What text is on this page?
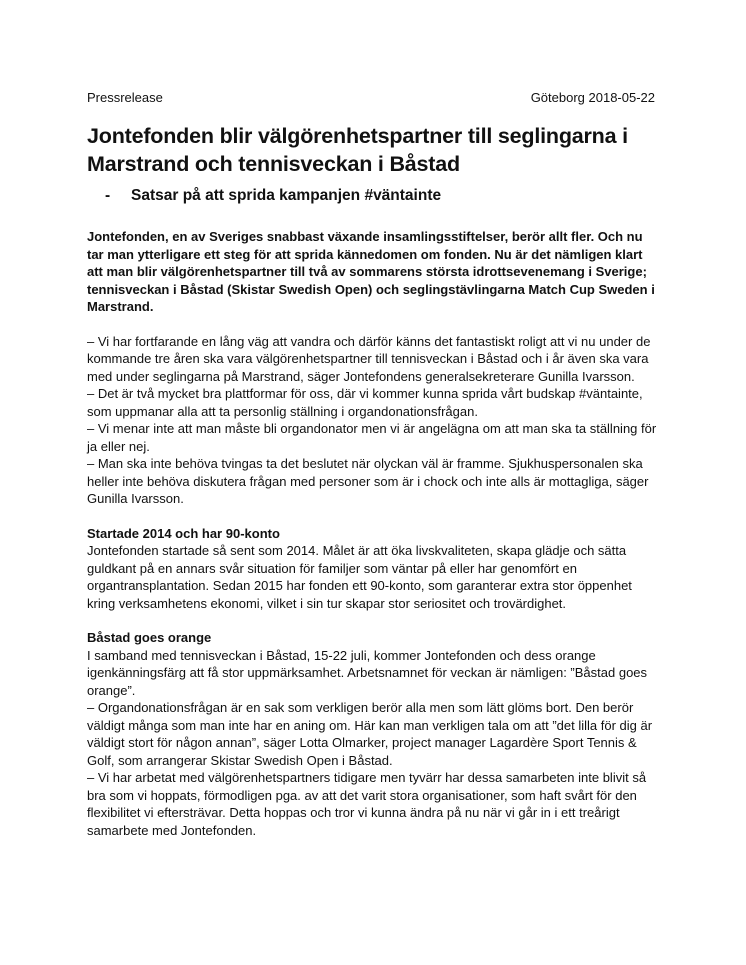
Pressrelease	Göteborg 2018-05-22
Jontefonden blir välgörenhetspartner till seglingarna i Marstrand och tennisveckan i Båstad
- Satsar på att sprida kampanjen #väntainte

Jontefonden, en av Sveriges snabbast växande insamlingsstiftelser, berör allt fler. Och nu tar man ytterligare ett steg för att sprida kännedomen om fonden. Nu är det nämligen klart att man blir välgörenhetspartner till två av sommarens största idrottsevenemang i Sverige; tennisveckan i Båstad (Skistar Swedish Open) och seglingstävlingarna Match Cup Sweden i Marstrand.

– Vi har fortfarande en lång väg att vandra och därför känns det fantastiskt roligt att vi nu under de kommande tre åren ska vara välgörenhetspartner till tennisveckan i Båstad och i år även ska vara med under seglingarna på Marstrand, säger Jontefondens generalsekreterare Gunilla Ivarsson.

– Det är två mycket bra plattformar för oss, där vi kommer kunna sprida vårt budskap #väntainte, som uppmanar alla att ta personlig ställning i organdonationsfrågan.

– Vi menar inte att man måste bli organdonator men vi är angelägna om att man ska ta ställning för ja eller nej.

– Man ska inte behöva tvingas ta det beslutet när olyckan väl är framme. Sjukhuspersonalen ska heller inte behöva diskutera frågan med personer som är i chock och inte alls är mottagliga, säger Gunilla Ivarsson.

Startade 2014 och har 90-konto

Jontefonden startade så sent som 2014. Målet är att öka livskvaliteten, skapa glädje och sätta guldkant på en annars svår situation för familjer som väntar på eller har genomfört en organtransplantation. Sedan 2015 har fonden ett 90-konto, som garanterar extra stor öppenhet kring verksamhetens ekonomi, vilket i sin tur skapar stor seriositet och trovärdighet.

Båstad goes orange

I samband med tennisveckan i Båstad, 15-22 juli, kommer Jontefonden och dess orange igenkänningsfärg att få stor uppmärksamhet. Arbetsnamnet för veckan är nämligen: ”Båstad goes orange”.

– Organdonationsfrågan är en sak som verkligen berör alla men som lätt glöms bort. Den berör väldigt många som man inte har en aning om. Här kan man verkligen tala om att ”det lilla för dig är väldigt stort för någon annan”, säger Lotta Olmarker, project manager Lagardère Sport Tennis & Golf, som arrangerar Skistar Swedish Open i Båstad.

– Vi har arbetat med välgörenhetspartners tidigare men tyvärr har dessa samarbeten inte blivit så bra som vi hoppats, förmodligen pga. av att det varit stora organisationer, som haft svårt för den flexibilitet vi eftersträvar. Detta hoppas och tror vi kunna ändra på nu när vi går in i ett treårigt samarbete med Jontefonden.
